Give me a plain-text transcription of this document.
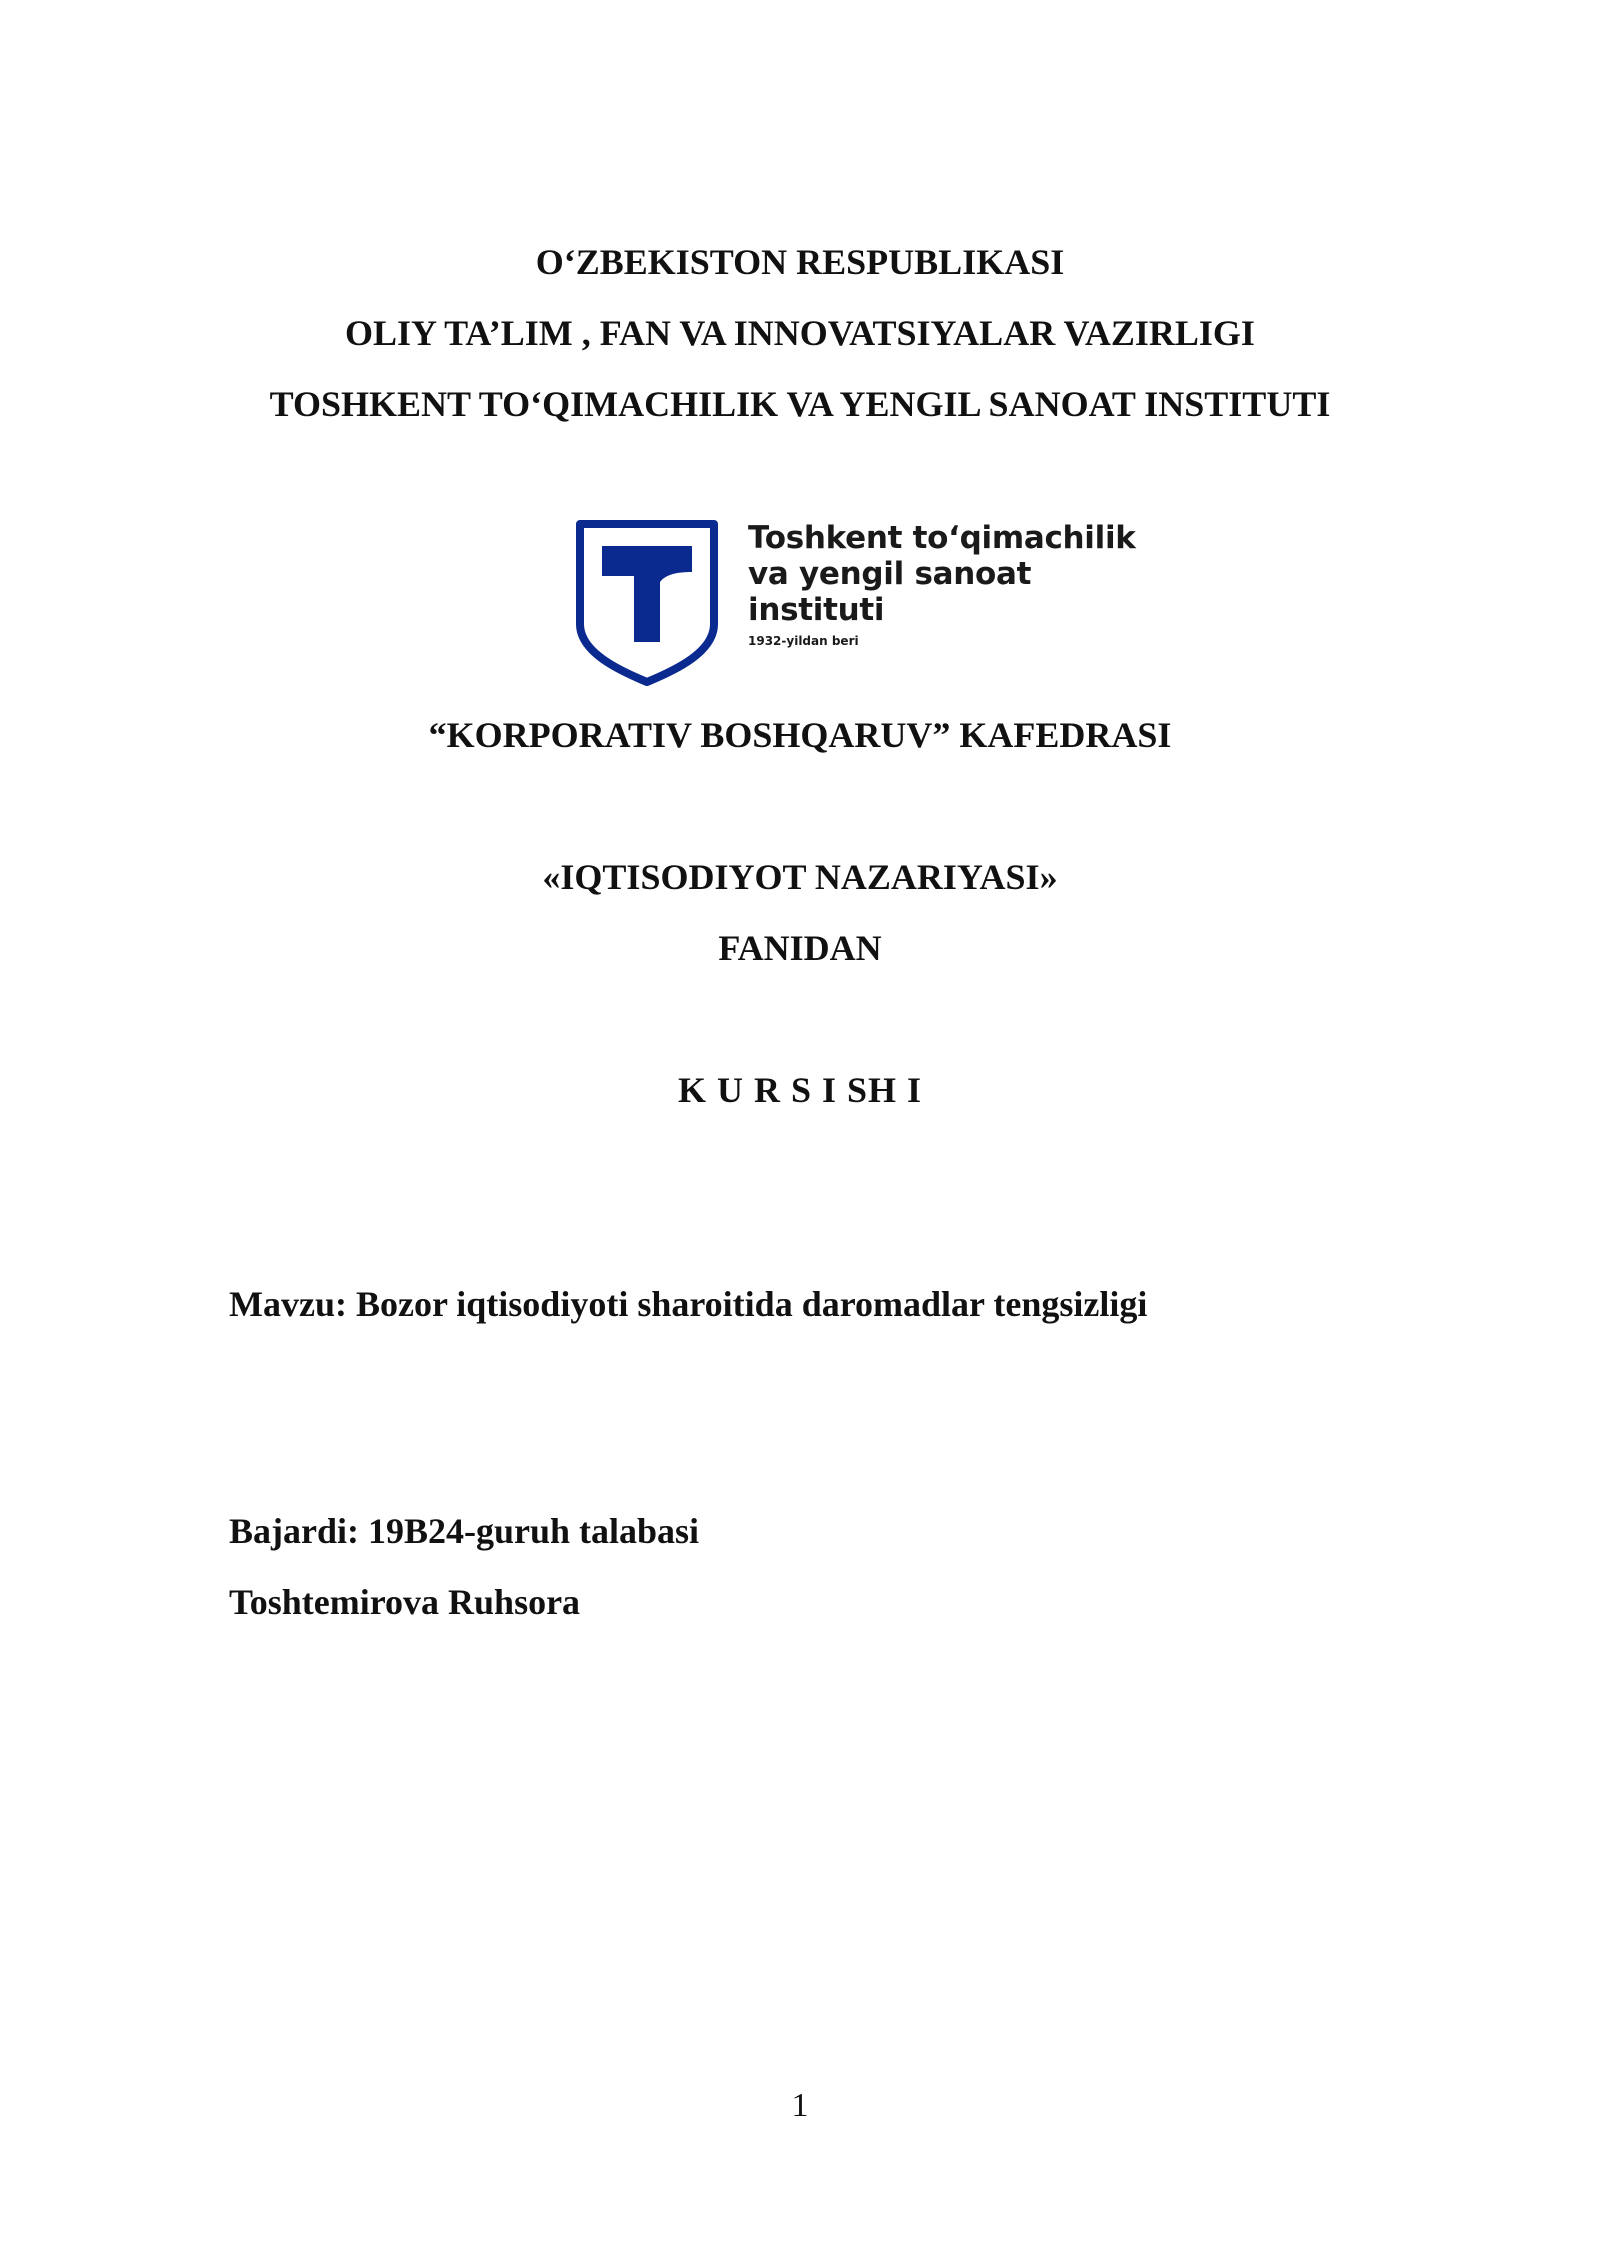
O‘ZBEKISTON RESPUBLIKASI
OLIY TA’LIM , FAN VA INNOVATSIYALAR VAZIRLIGI
TOSHKENT TO‘QIMACHILIK VA YENGIL SANOAT INSTITUTI
Toshkent to‘qimachilik
va yengil sanoat
instituti
1932-yildan beri
“KORPORATIV BOSHQARUV” KAFEDRASI
«IQTISODIYOT NAZARIYASI»
FANIDAN
K U R S I SH I
Mavzu: Bozor iqtisodiyoti sharoitida daromadlar tengsizligi
Bajardi: 19B24-guruh talabasi
Toshtemirova Ruhsora
1
